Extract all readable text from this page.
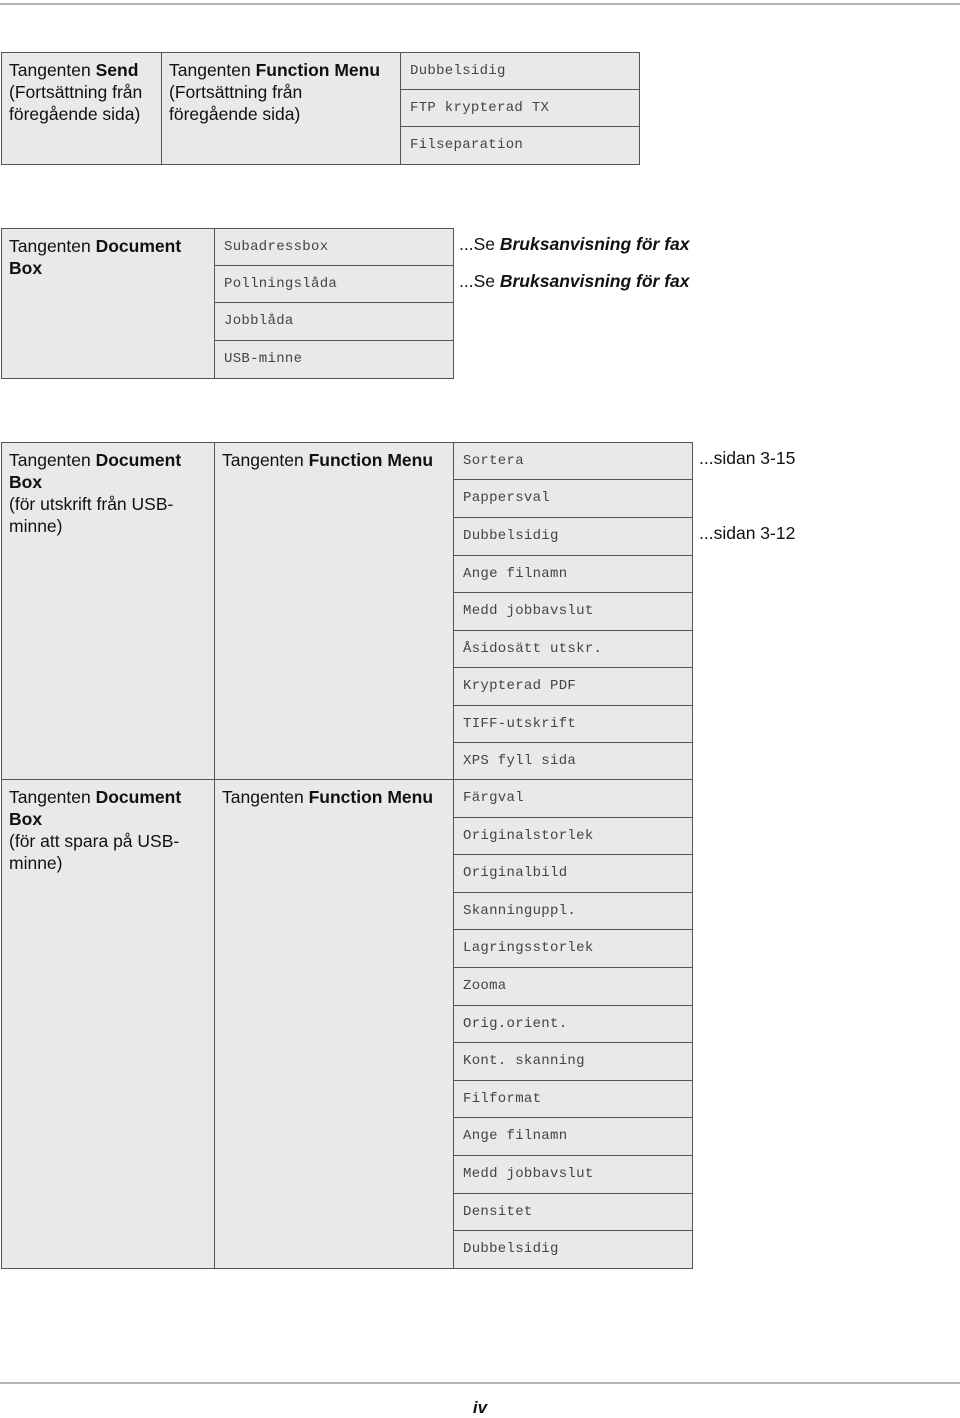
Tangenten Send
(Fortsättning från föregående sida)
Tangenten Function Menu
(Fortsättning från föregående sida)
Dubbelsidig
FTP krypterad TX
Filseparation
Tangenten Document Box
Subadressbox
Pollningslåda
Jobblåda
USB-minne
...Se Bruksanvisning för fax
...Se Bruksanvisning för fax
Tangenten Document Box
(för utskrift från USB-minne)
Tangenten Function Menu	Sortera
Pappersval
Dubbelsidig
Ange filnamn
Medd jobbavslut
Åsidosätt utskr.
Krypterad PDF
TIFF-utskrift
XPS fyll sida
...sidan 3-15
...sidan 3-12
Tangenten Document Box
(för att spara på USB-minne)
Tangenten Function Menu	Färgval
Originalstorlek
Originalbild
Skanninguppl.
Lagringsstorlek
Zooma
Orig.orient.
Kont. skanning
Filformat
Ange filnamn
Medd jobbavslut
Densitet
Dubbelsidig
iv
